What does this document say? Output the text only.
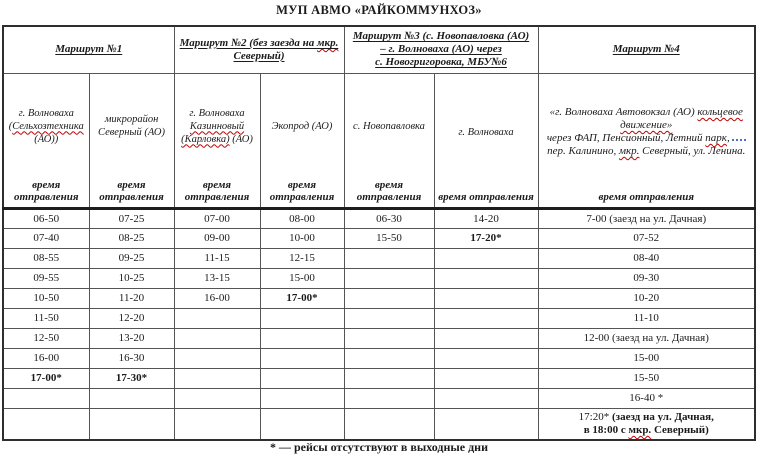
МУП АВМО «РАЙКОММУНХОЗ»
Маршрут №1		Маршрут №2 (без заезда на мкр. Северный)		Маршрут №3 (с. Новопавловка (АО)
– г. Волноваха (АО) через
с. Новогригоровка, МБУ№6		Маршрут №4

г. Волноваха (Сельхозтехника (АО))
время отправления

микрорайон Северный (АО)
время отправления

г. Волноваха Казинновый (Карловка) (АО)
время отправления

Экопрод (АО)
время отправления

с. Новопавловка
время отправления

г. Волноваха
время отправления

«г. Волноваха Автовокзал (АО) кольцевое движение»
через ФАП, Пенсионный, Летний парк,
пер. Калинино, мкр. Северный, ул. Ленина.
время отправления

06-50	07-25	07-00	08-00	06-30	14-20	7-00 (заезд на ул. Дачная)
07-40	08-25	09-00	10-00	15-50	17-20*	07-52
08-55	09-25	11-15	12-15			08-40
09-55	10-25	13-15	15-00			09-30
10-50	11-20	16-00	17-00*			10-20
11-50	12-20					11-10
12-50	13-20					12-00 (заезд на ул. Дачная)
16-00	16-30					15-00
17-00*	17-30*					15-50
						16-40 *
						17:20* (заезд на ул. Дачная,
в 18:00 с мкр. Северный)
* — рейсы отсутствуют в выходные дни
